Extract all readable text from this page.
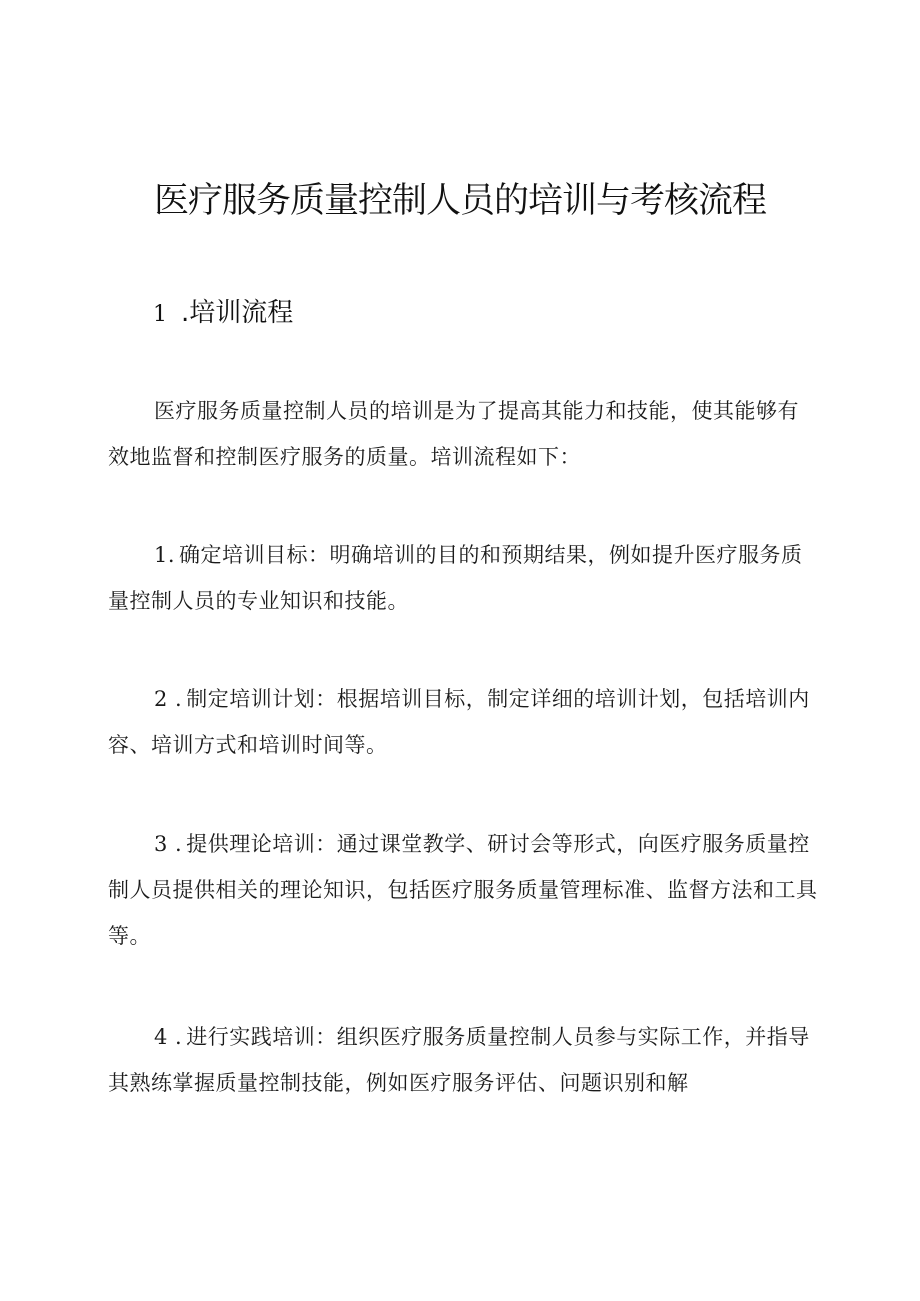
医疗服务质量控制人员的培训与考核流程
1 .培训流程

医疗服务质量控制人员的培训是为了提高其能力和技能，使其能够有效地监督和控制医疗服务的质量。培训流程如下：

1. 确定培训目标：明确培训的目的和预期结果，例如提升医疗服务质量控制人员的专业知识和技能。

2 . 制定培训计划：根据培训目标，制定详细的培训计划，包括培训内容、培训方式和培训时间等。

3 . 提供理论培训：通过课堂教学、研讨会等形式，向医疗服务质量控制人员提供相关的理论知识，包括医疗服务质量管理标准、监督方法和工具等。

4 . 进行实践培训：组织医疗服务质量控制人员参与实际工作，并指导其熟练掌握质量控制技能，例如医疗服务评估、问题识别和解
